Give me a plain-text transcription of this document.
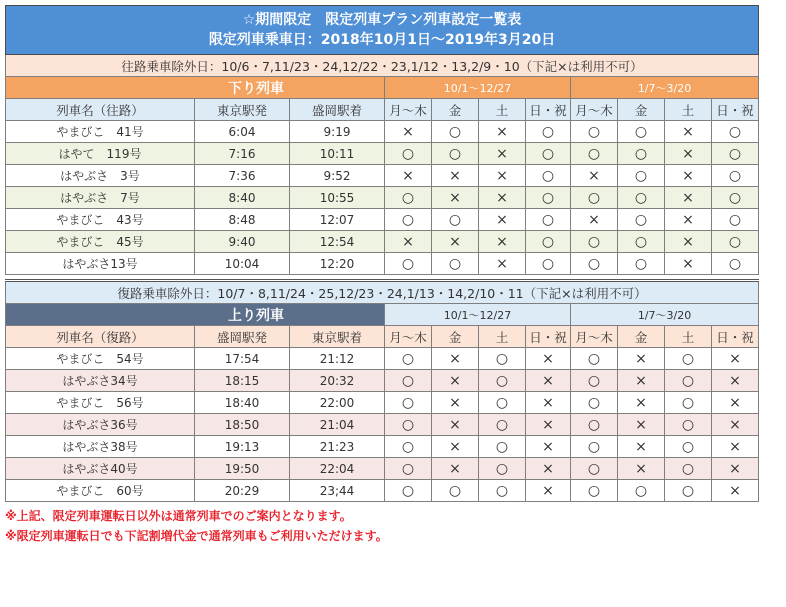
☆期間限定　限定列車プラン列車設定一覧表
限定列車乗車日：2018年10月1日～2019年3月20日										

往路乗車除外日：10/6・7,11/23・24,12/22・23,1/12・13,2/9・10（下記×は利用不可）										
下り列車			10/1～12/27				1/7～3/20			
列車名（往路）	東京駅発	盛岡駅着	月～木	金	土	日・祝	月～木	金	土	日・祝
やまびこ　41号	6:04	9:19	×	○	×	○	○	○	×	○
はやて　119号	7:16	10:11	○	○	×	○	○	○	×	○
はやぶさ　3号	7:36	9:52	×	×	×	○	×	○	×	○
はやぶさ　7号	8:40	10:55	○	×	×	○	○	○	×	○
やまびこ　43号	8:48	12:07	○	○	×	○	×	○	×	○
やまびこ　45号	9:40	12:54	×	×	×	○	○	○	×	○
はやぶさ13号	10:04	12:20	○	○	×	○	○	○	×	○

復路乗車除外日：10/7・8,11/24・25,12/23・24,1/13・14,2/10・11（下記×は利用不可）										
上り列車			10/1～12/27				1/7～3/20			
列車名（復路）	盛岡駅発	東京駅着	月～木	金	土	日・祝	月～木	金	土	日・祝
やまびこ　54号	17:54	21:12	○	×	○	×	○	×	○	×
はやぶさ34号	18:15	20:32	○	×	○	×	○	×	○	×
やまびこ　56号	18:40	22:00	○	×	○	×	○	×	○	×
はやぶさ36号	18:50	21:04	○	×	○	×	○	×	○	×
はやぶさ38号	19:13	21:23	○	×	○	×	○	×	○	×
はやぶさ40号	19:50	22:04	○	×	○	×	○	×	○	×
やまびこ　60号	20:29	23;44	○	○	○	×	○	○	○	×
※上記、限定列車運転日以外は通常列車でのご案内となります。
※限定列車運転日でも下記割増代金で通常列車もご利用いただけます。
